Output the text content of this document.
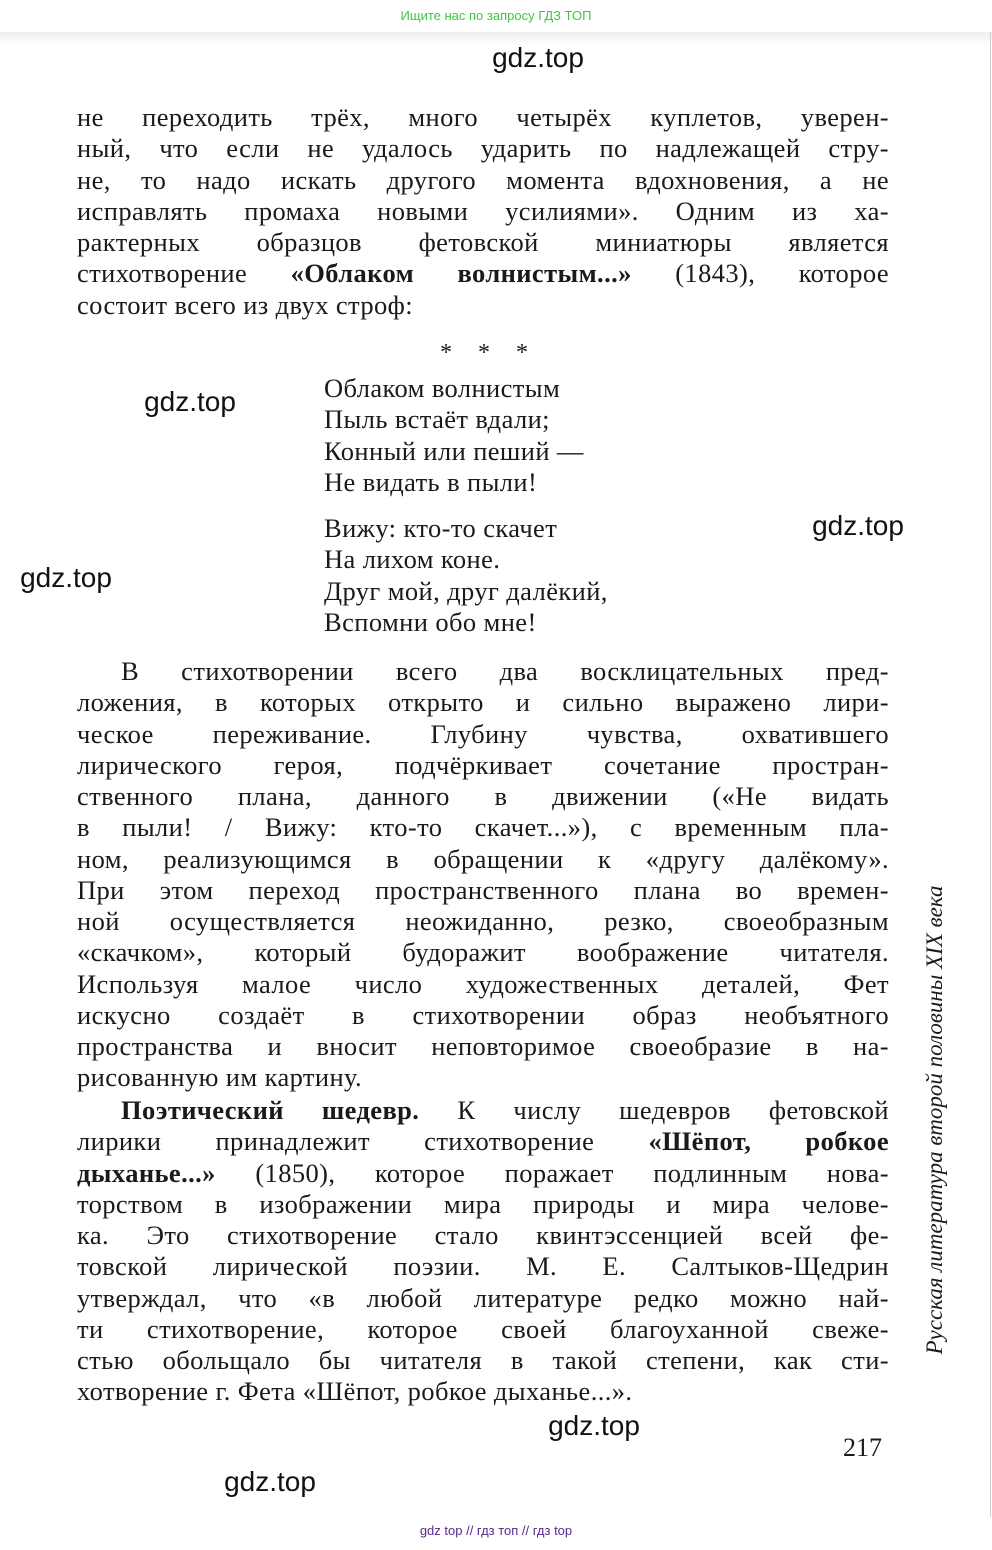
Ищите нас по запросу ГДЗ ТОП
не переходить трёх, много четырёх куплетов, уверен-
ный, что если не удалось ударить по надлежащей стру-
не, то надо искать другого момента вдохновения, а не
исправлять промаха новыми усилиями». Одним из ха-
рактерных образцов фетовской миниатюры является
стихотворение «Облаком волнистым...» (1843), которое
состоит всего из двух строф:
В стихотворении всего два восклицательных пред-
ложения, в которых открыто и сильно выражено лири-
ческое переживание. Глубину чувства, охватившего
лирического героя, подчёркивает сочетание простран-
ственного плана, данного в движении («Не видать
в пыли! / Вижу: кто-то скачет...»), с временным пла-
ном, реализующимся в обращении к «другу далёкому».
При этом переход пространственного плана во времен-
ной осуществляется неожиданно, резко, своеобразным
«скачком», который будоражит воображение читателя.
Используя малое число художественных деталей, Фет
искусно создаёт в стихотворении образ необъятного
пространства и вносит неповторимое своеобразие в на-
рисованную им картину.
Поэтический шедевр. К числу шедевров фетовской
лирики принадлежит стихотворение «Шёпот, робкое
дыханье...» (1850), которое поражает подлинным нова-
торством в изображении мира природы и мира челове-
ка. Это стихотворение стало квинтэссенцией всей фе-
товской лирической поэзии. М. Е. Салтыков-Щедрин
утверждал, что «в любой литературе редко можно най-
ти стихотворение, которое своей благоуханной свеже-
стью обольщало бы читателя в такой степени, как сти-
хотворение г. Фета «Шёпот, робкое дыханье...».
* * *
Облаком волнистым
Пыль встаёт вдали;
Конный или пеший —
Не видать в пыли!
Вижу: кто-то скачет
На лихом коне.
Друг мой, друг далёкий,
Вспомни обо мне!
gdz.top
gdz.top
gdz.top
gdz.top
gdz.top
gdz.top
217
Русская литература второй половины XIX века
gdz top // гдз топ // гдз top
